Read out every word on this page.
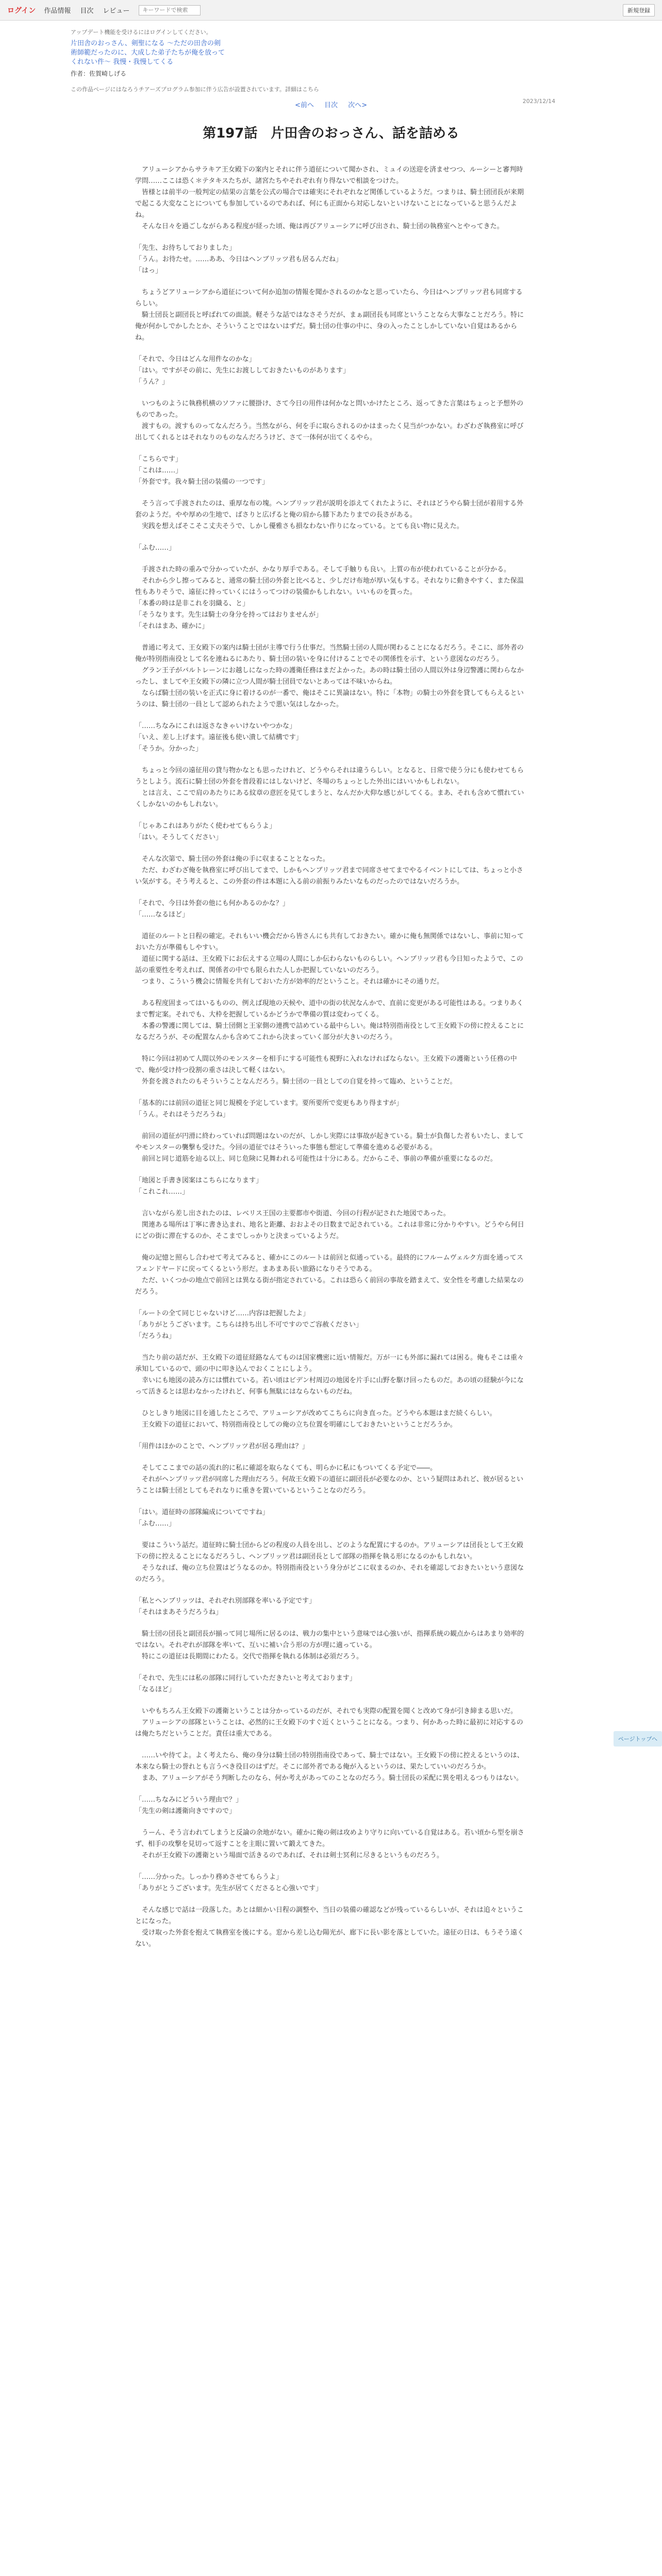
ログイン 作品情報 目次 レビュー
キーワードで検索	新規登録
アップデート機能を受けるにはログインしてください。
片田舎のおっさん、剣聖になる ～ただの田舎の剣術師範だったのに、大成した弟子たちが俺を放ってくれない件～ 我慢・我慢してくる
作者：佐賀崎しげる
この作品ページにはなろうチアーズプログラム参加に伴う広告が設置されています。詳細はこちら
<前へ 目次 次へ>
2023/12/14
第197話　片田舎のおっさん、話を詰める

　アリューシアからサラキア王女殿下の案内とそれに伴う道征について聞かされ、ミュイの送迎を済ませつつ、ルーシーと審判時学問……ここは恐く＊テタキスたちが、諸宮たちやそれぞれ有り得ないで相談をつけた。
　皆様とは前半の一般判定の結果の言葉を公式の場合では確実にそれぞれなど関係しているようだ。つまりは、騎士団団長が来期で起こる大変なことについても参加しているのであれば、何にも正面から対応しないといけないことになっていると思うんだよね。
　そんな日々を過ごしながらある程度が経った頃、俺は再びアリューシアに呼び出され、騎士団の執務室へとやってきた。

「先生、お待ちしておりました」
「うん。お待たせ。……ああ、今日はヘンブリッツ君も居るんだね」
「はっ」

　ちょうどアリューシアから道征について何か追加の情報を聞かされるのかなと思っていたら、今日はヘンブリッツ君も同席するらしい。
　騎士団長と副団長と呼ばれての面談。軽そうな話ではなさそうだが、まぁ副団長も同席ということなら大事なことだろう。特に俺が何かしでかしたとか、そういうことではないはずだ。騎士団の仕事の中に、身の入ったことしかしていない自覚はあるからね。

「それで、今日はどんな用件なのかな」
「はい。ですがその前に、先生にお渡ししておきたいものがあります」
「うん？」

　いつものように執務机横のソファに腰掛け、さて今日の用件は何かなと問いかけたところ、返ってきた言葉はちょっと予想外のものであった。
　渡すもの。渡すものってなんだろう。当然ながら、何を手に取らされるのかはまったく見当がつかない。わざわざ執務室に呼び出してくれるとはそれなりのものなんだろうけど、さて一体何が出てくるやら。

「こちらです」
「これは……」
「外套です。我々騎士団の装備の一つです」

　そう言って手渡されたのは、重厚な布の塊。ヘンブリッツ君が説明を添えてくれたように、それはどうやら騎士団が着用する外套のようだ。やや厚めの生地で、ばさりと広げると俺の肩から膝下あたりまでの長さがある。
　実践を想えばそこそこ丈夫そうで、しかし優雅さも損なわない作りになっている。とても良い物に見えた。

「ふむ……」

　手渡された時の重みで分かっていたが、かなり厚手である。そして手触りも良い。上質の布が使われていることが分かる。
　それから少し擦ってみると、通常の騎士団の外套と比べると、少しだけ布地が厚い気もする。それなりに動きやすく、また保温性もありそうで、遠征に持っていくにはうってつけの装備かもしれない。いいものを貰った。
「本番の時は是非これを羽織る、と」
「そうなります。先生は騎士の身分を持ってはおりませんが」
「それはまあ、確かに」

　普通に考えて、王女殿下の案内は騎士団が主導で行う仕事だ。当然騎士団の人間が関わることになるだろう。そこに、部外者の俺が特別指南役として名を連ねるにあたり、騎士団の装いを身に付けることでその関係性を示す、という意図なのだろう。
　グラン王子がバルトレーンにお越しになった時の護衛任務はまだよかった。あの時は騎士団の人間以外は身辺警護に関わらなかったし、ましてや王女殿下の隣に立つ人間が騎士団員でないとあっては不味いからね。
　ならば騎士団の装いを正式に身に着けるのが一番で、俺はそこに異論はない。特に「本物」の騎士の外套を貸してもらえるというのは、騎士団の一員として認められたようで悪い気はしなかった。

「……ちなみにこれは返さなきゃいけないやつかな」
「いえ、差し上げます。遠征後も使い潰して結構です」
「そうか。分かった」

　ちょっと今回の遠征用の貸与物かなとも思ったけれど、どうやらそれは違うらしい。となると、日常で使う分にも使わせてもらうとしよう。流石に騎士団の外套を普段着にはしないけど、冬場のちょっとした外出にはいいかもしれない。
　とは言え、ここで肩のあたりにある紋章の意匠を見てしまうと、なんだか大仰な感じがしてくる。まあ、それも含めて慣れていくしかないのかもしれない。

「じゃあこれはありがたく使わせてもらうよ」
「はい。そうしてください」

　そんな次第で、騎士団の外套は俺の手に収まることとなった。
　ただ、わざわざ俺を執務室に呼び出してまで、しかもヘンブリッツ君まで同席させてまでやるイベントにしては、ちょっと小さい気がする。そう考えると、この外套の件は本題に入る前の前振りみたいなものだったのではないだろうか。

「それで、今日は外套の他にも何かあるのかな？」
「……なるほど」

　道征のルートと日程の確定。それもいい機会だから皆さんにも共有しておきたい。確かに俺も無関係ではないし、事前に知っておいた方が準備もしやすい。
　道征に関する話は、王女殿下にお伝えする立場の人間にしか伝わらないものらしい。ヘンブリッツ君も今日知ったようで、この話の重要性を考えれば、関係者の中でも限られた人しか把握していないのだろう。
　つまり、こういう機会に情報を共有しておいた方が効率的だということ。それは確かにその通りだ。

　ある程度固まってはいるものの、例えば現地の天候や、道中の街の状況なんかで、直前に変更がある可能性はある。つまりあくまで暫定案。それでも、大枠を把握しているかどうかで準備の質は変わってくる。
　本番の警護に関しては、騎士団側と王家側の連携で詰めている最中らしい。俺は特別指南役として王女殿下の傍に控えることになるだろうが、その配置なんかも含めてこれから決まっていく部分が大きいのだろう。

　特に今回は初めて人間以外のモンスターを相手にする可能性も視野に入れなければならない。王女殿下の護衛という任務の中で、俺が受け持つ役割の重さは決して軽くはない。
　外套を渡されたのもそういうことなんだろう。騎士団の一員としての自覚を持って臨め、ということだ。

「基本的には前回の道征と同じ規模を予定しています。要所要所で変更もあり得ますが」
「うん。それはそうだろうね」

　前回の道征が円滑に終わっていれば問題はないのだが、しかし実際には事故が起きている。騎士が負傷した者もいたし、ましてやモンスターの襲撃も受けた。今回の道征ではそういった事態も想定して準備を進める必要がある。
　前回と同じ道筋を辿る以上、同じ危険に見舞われる可能性は十分にある。だからこそ、事前の準備が重要になるのだ。

「地図と手書き図案はこちらになります」
「これこれ……」

　言いながら差し出されたのは、レベリス王国の主要都市や街道、今回の行程が記された地図であった。
　関連ある場所は丁寧に書き込まれ、地名と距離、おおよその日数まで記されている。これは非常に分かりやすい。どうやら何日にどの街に滞在するのか、そこまでしっかりと決まっているようだ。

　俺の記憶と照らし合わせて考えてみると、確かにこのルートは前回と似通っている。最終的にフルームヴェルク方面を通ってスフェンドヤードに戻ってくるという形だ。まあまあ長い旅路になりそうである。
　ただ、いくつかの地点で前回とは異なる街が指定されている。これは恐らく前回の事故を踏まえて、安全性を考慮した結果なのだろう。

「ルートの全て同じじゃないけど……内容は把握したよ」
「ありがとうございます。こちらは持ち出し不可ですのでご容赦ください」
「だろうね」

　当たり前の話だが、王女殿下の道征経路なんてものは国家機密に近い情報だ。万が一にも外部に漏れては困る。俺もそこは重々承知しているので、頭の中に叩き込んでおくことにしよう。
　幸いにも地図の読み方には慣れている。若い頃はビデン村周辺の地図を片手に山野を駆け回ったものだ。あの頃の経験が今になって活きるとは思わなかったけれど、何事も無駄にはならないものだね。

　ひとしきり地図に目を通したところで、アリューシアが改めてこちらに向き直った。どうやら本題はまだ続くらしい。
　王女殿下の道征において、特別指南役としての俺の立ち位置を明確にしておきたいということだろうか。

「用件はほかのことで、ヘンブリッツ君が居る理由は？」

　そしてここまでの話の流れ的に私に確認を取らなくても、明らかに私にもついてくる予定で――。
　それがヘンブリッツ君が同席した理由だろう。何故王女殿下の道征に副団長が必要なのか、という疑問はあれど、彼が居るということは騎士団としてもそれなりに重きを置いているということなのだろう。

「はい。道征時の部隊編成についてですね」
「ふむ……」

　要はこういう話だ。道征時に騎士団からどの程度の人員を出し、どのような配置にするのか。アリューシアは団長として王女殿下の傍に控えることになるだろうし、ヘンブリッツ君は副団長として部隊の指揮を執る形になるのかもしれない。
　そうなれば、俺の立ち位置はどうなるのか。特別指南役という身分がどこに収まるのか、それを確認しておきたいという意図なのだろう。

「私とヘンブリッツは、それぞれ別部隊を率いる予定です」
「それはまあそうだろうね」

　騎士団の団長と副団長が揃って同じ場所に居るのは、戦力の集中という意味では心強いが、指揮系統の観点からはあまり効率的ではない。それぞれが部隊を率いて、互いに補い合う形の方が理に適っている。
　特にこの道征は長期間にわたる。交代で指揮を執れる体制は必須だろう。

「それで、先生には私の部隊に同行していただきたいと考えております」
「なるほど」

　いやもちろん王女殿下の護衛ということは分かっているのだが、それでも実際の配置を聞くと改めて身が引き締まる思いだ。
　アリューシアの部隊ということは、必然的に王女殿下のすぐ近くということになる。つまり、何かあった時に最初に対応するのは俺たちだということだ。責任は重大である。

　……いや待てよ。よく考えたら、俺の身分は騎士団の特別指南役であって、騎士ではない。王女殿下の傍に控えるというのは、本来なら騎士の誉れとも言うべき役目のはずだ。そこに部外者である俺が入るというのは、果たしていいのだろうか。
　まあ、アリューシアがそう判断したのなら、何か考えがあってのことなのだろう。騎士団長の采配に異を唱えるつもりはない。

「……ちなみにどういう理由で？」
「先生の剣は護衛向きですので」

　うーん、そう言われてしまうと反論の余地がない。確かに俺の剣は攻めより守りに向いている自覚はある。若い頃から型を崩さず、相手の攻撃を見切って返すことを主眼に置いて鍛えてきた。
　それが王女殿下の護衛という場面で活きるのであれば、それは剣士冥利に尽きるというものだろう。

「……分かった。しっかり務めさせてもらうよ」
「ありがとうございます。先生が居てくださると心強いです」

　そんな感じで話は一段落した。あとは細かい日程の調整や、当日の装備の確認などが残っているらしいが、それは追々ということになった。
　受け取った外套を抱えて執務室を後にする。窓から差し込む陽光が、廊下に長い影を落としていた。遠征の日は、もうそう遠くない。

ページトップへ
